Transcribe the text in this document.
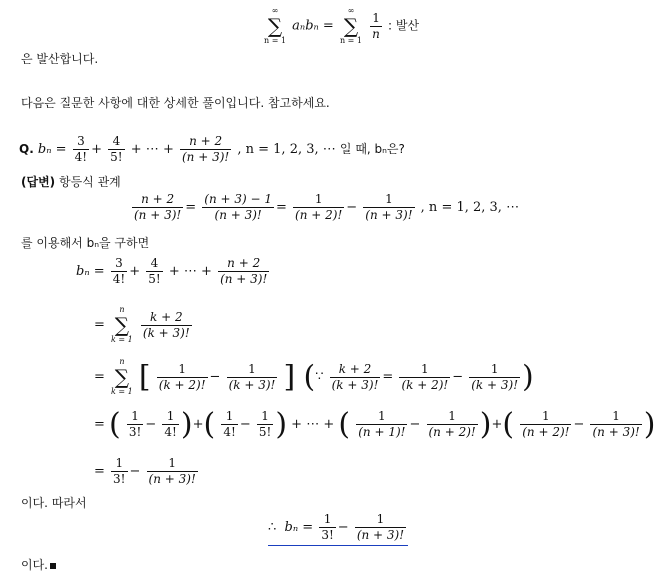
∞
∑
n = 1
aₙbₙ =
∞
∑
n = 1
$\frac{1}{n}$ : 발산
은 발산합니다.
다음은 질문한 사항에 대한 상세한 풀이입니다. 참고하세요.
Q. $b_n = \frac{3}{4!} + \frac{4}{5!}$ + ⋯ + $\frac{n + 2}{(n + 3)!}$ , n = 1, 2, 3, ⋯ 일 때, bₙ은?
(답변) 항등식 관계
$\frac{n + 2}{(n + 3)!} = \frac{(n + 3) - 1}{(n + 3)!} = \frac{1}{(n + 2)!} - \frac{1}{(n + 3)!}$ , n = 1, 2, 3, ⋯
를 이용해서 bₙ을 구하면
$b_n = \frac{3}{4!} + \frac{4}{5!}$ + ⋯ + $\frac{n + 2}{(n + 3)!}$
=
n
∑
k = 1
$\frac{k + 2}{(k + 3)!}$
=
n
∑
k = 1 [ $\frac{1}{(k + 2)!} - \frac{1}{(k + 3)!}$ ] (∵ $\frac{k + 2}{(k + 3)!} = \frac{1}{(k + 2)!} - \frac{1}{(k + 3)!}$ )
= ( $\frac{1}{3!} - \frac{1}{4!}$ )+( $\frac{1}{4!} - \frac{1}{5!}$ ) + ⋯ + ( $\frac{1}{(n + 1)!} - \frac{1}{(n + 2)!}$ )+( $\frac{1}{(n + 2)!} - \frac{1}{(n + 3)!}$ )
= $\frac{1}{3!} - \frac{1}{(n + 3)!}$
이다. 따라서
∴ $b_n = \frac{1}{3!} - \frac{1}{(n + 3)!}$
이다.
